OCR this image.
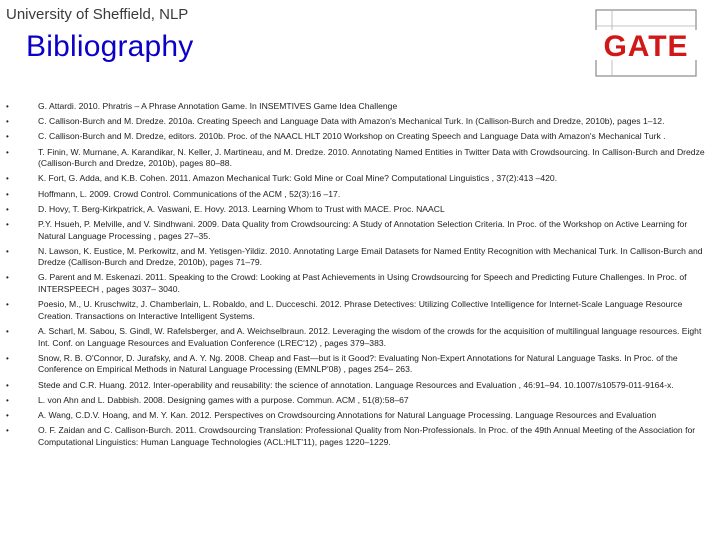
University of Sheffield, NLP
Bibliography	GATE
•	G. Attardi. 2010. Phratris – A Phrase Annotation Game. In INSEMTIVES Game Idea Challenge
•	C. Callison-Burch and M. Dredze. 2010a. Creating Speech and Language Data with Amazon's Mechanical Turk. In (Callison-Burch and Dredze, 2010b), pages 1–12.
•	C. Callison-Burch and M. Dredze, editors. 2010b. Proc. of the NAACL HLT 2010 Workshop on Creating Speech and Language Data with Amazon's Mechanical Turk .
•	T. Finin, W. Murnane, A. Karandikar, N. Keller, J. Martineau, and M. Dredze. 2010. Annotating Named Entities in Twitter Data with Crowdsourcing. In Callison-Burch and Dredze (Callison-Burch and Dredze, 2010b), pages 80–88.
•	K. Fort, G. Adda, and K.B. Cohen. 2011. Amazon Mechanical Turk: Gold Mine or Coal Mine? Computational Linguistics , 37(2):413 –420.
•	Hoffmann, L. 2009. Crowd Control. Communications of the ACM , 52(3):16 –17.
•	D. Hovy, T. Berg-Kirkpatrick, A. Vaswani, E. Hovy. 2013. Learning Whom to Trust with MACE. Proc. NAACL
•	P.Y. Hsueh, P. Melville, and V. Sindhwani. 2009. Data Quality from Crowdsourcing: A Study of Annotation Selection Criteria. In Proc. of the Workshop on Active Learning for Natural Language Processing , pages 27–35.
•	N. Lawson, K. Eustice, M. Perkowitz, and M. Yetisgen-Yildiz. 2010. Annotating Large Email Datasets for Named Entity Recognition with Mechanical Turk. In Callison-Burch and Dredze (Callison-Burch and Dredze, 2010b), pages 71–79.
•	G. Parent and M. Eskenazi. 2011. Speaking to the Crowd: Looking at Past Achievements in Using Crowdsourcing for Speech and Predicting Future Challenges. In Proc. of INTERSPEECH , pages 3037– 3040.
•	Poesio, M., U. Kruschwitz, J. Chamberlain, L. Robaldo, and L. Ducceschi. 2012. Phrase Detectives: Utilizing Collective Intelligence for Internet-Scale Language Resource Creation. Transactions on Interactive Intelligent Systems.
•	A. Scharl, M. Sabou, S. Gindl, W. Rafelsberger, and A. Weichselbraun. 2012. Leveraging the wisdom of the crowds for the acquisition of multilingual language resources. Eight Int. Conf. on Language Resources and Evaluation Conference (LREC'12) , pages 379–383.
•	Snow, R. B. O'Connor, D. Jurafsky, and A. Y. Ng. 2008. Cheap and Fast—but is it Good?: Evaluating Non-Expert Annotations for Natural Language Tasks. In Proc. of the Conference on Empirical Methods in Natural Language Processing (EMNLP'08) , pages 254– 263.
•	Stede and C.R. Huang. 2012. Inter-operability and reusability: the science of annotation. Language Resources and Evaluation , 46:91–94. 10.1007/s10579-011-9164-x.
•	L. von Ahn and L. Dabbish. 2008. Designing games with a purpose. Commun. ACM , 51(8):58–67
•	A. Wang, C.D.V. Hoang, and M. Y. Kan. 2012. Perspectives on Crowdsourcing Annotations for Natural Language Processing. Language Resources and Evaluation
•	O. F. Zaidan and C. Callison-Burch. 2011. Crowdsourcing Translation: Professional Quality from Non-Professionals. In Proc. of the 49th Annual Meeting of the Association for Computational Linguistics: Human Language Technologies (ACL:HLT'11), pages 1220–1229.
